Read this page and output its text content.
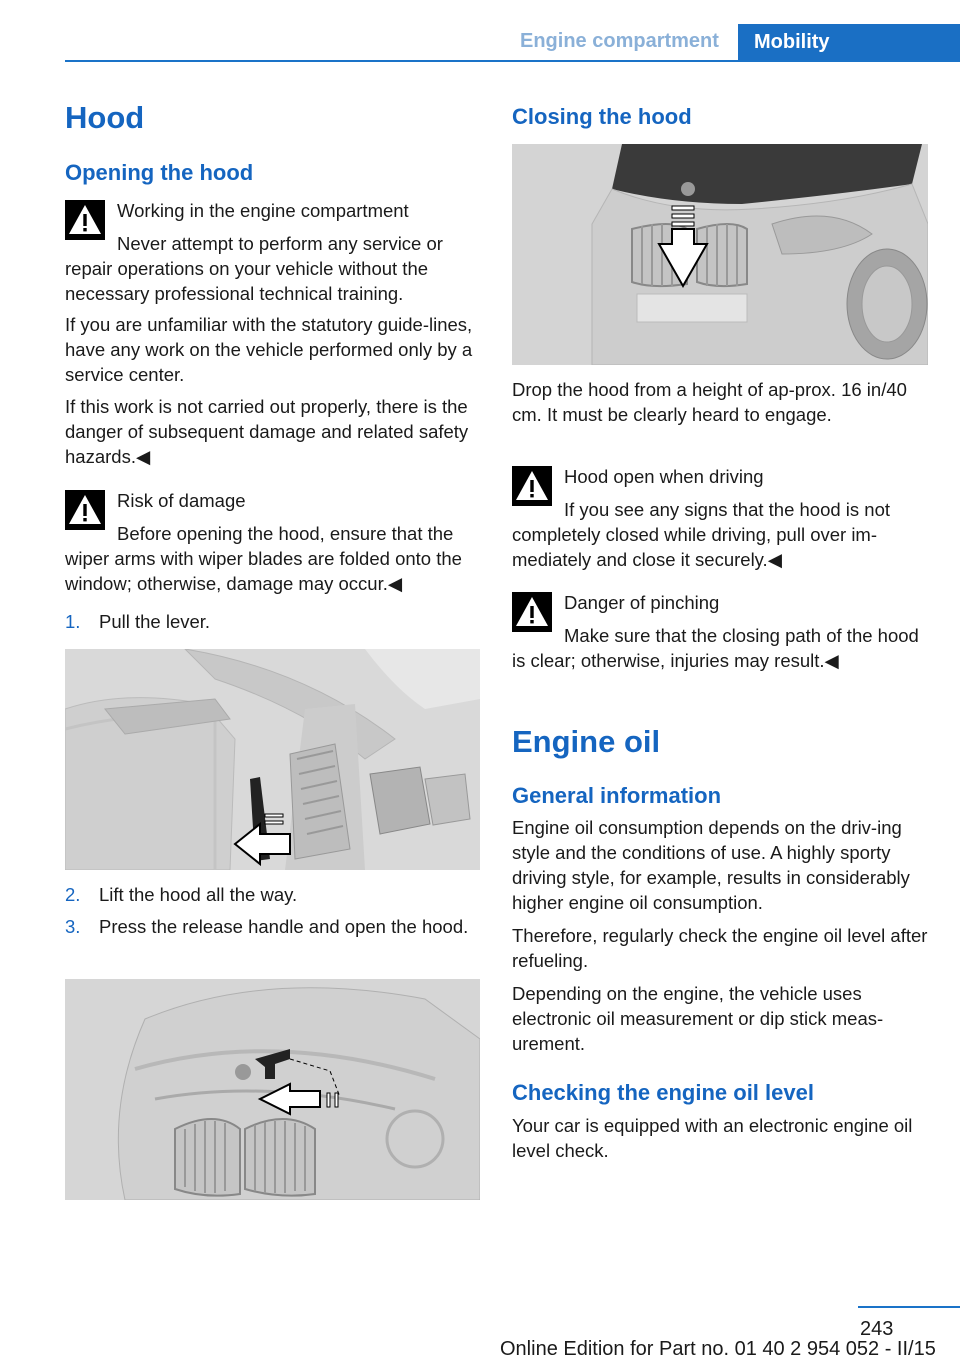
Engine compartment	Mobility
Hood
Opening the hood
Working in the engine compartment
Never attempt to perform any service or repair operations on your vehicle without the necessary professional technical training.

If you are unfamiliar with the statutory guide‐lines, have any work on the vehicle performed only by a service center.

If this work is not carried out properly, there is the danger of subsequent damage and related safety hazards.◀

Risk of damage
Before opening the hood, ensure that the wiper arms with wiper blades are folded onto the window; otherwise, damage may occur.◀
1. Pull the lever.
2. Lift the hood all the way.
3. Press the release handle and open the hood.
Closing the hood

Drop the hood from a height of ap‐prox. 16 in/40 cm. It must be clearly heard to engage.

Hood open when driving
If you see any signs that the hood is not completely closed while driving, pull over im‐mediately and close it securely.◀
Danger of pinching
Make sure that the closing path of the hood is clear; otherwise, injuries may result.◀
Engine oil
General information

Engine oil consumption depends on the driv‐ing style and the conditions of use. A highly sporty driving style, for example, results in considerably higher engine oil consumption.

Therefore, regularly check the engine oil level after refueling.

Depending on the engine, the vehicle uses electronic oil measurement or dip stick meas‐urement.

Checking the engine oil level

Your car is equipped with an electronic engine oil level check.

243
Online Edition for Part no. 01 40 2 954 052 - II/15
